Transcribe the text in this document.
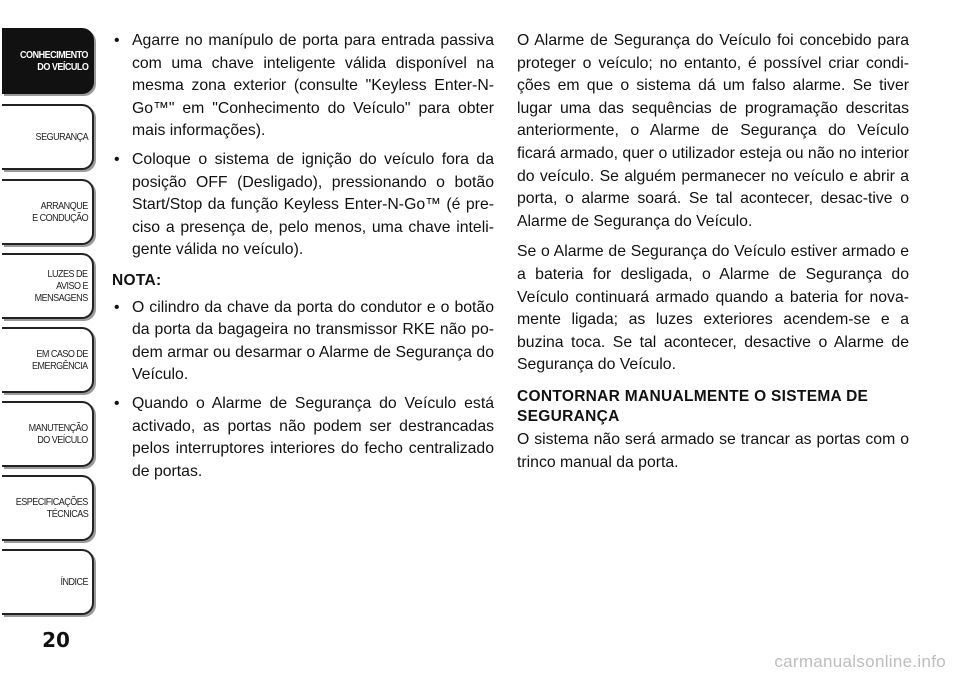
CONHECIMENTO
DO VEÍCULO
SEGURANÇA
ARRANQUE
E CONDUÇÃO
LUZES DE
AVISO E
MENSAGENS
EM CASO DE
EMERGÊNCIA
MANUTENÇÃO
DO VEÍCULO
ESPECIFICAÇÕES
TÉCNICAS
ÍNDICE
20
• Agarre no manípulo de porta para entrada passiva com uma chave inteligente válida disponível na mesma zona exterior (consulte "Keyless Enter-N-Go™" em "Conhecimento do Veículo" para obter mais informações).
• Coloque o sistema de ignição do veículo fora da posição OFF (Desligado), pressionando o botão Start/Stop da função Keyless Enter-N-Go™ (é pre-ciso a presença de, pelo menos, uma chave inteli-gente válida no veículo).
NOTA:
• O cilindro da chave da porta do condutor e o botão da porta da bagageira no transmissor RKE não po-dem armar ou desarmar o Alarme de Segurança do Veículo.
• Quando o Alarme de Segurança do Veículo está activado, as portas não podem ser destrancadas pelos interruptores interiores do fecho centralizado de portas.

O Alarme de Segurança do Veículo foi concebido para proteger o veículo; no entanto, é possível criar condi-ções em que o sistema dá um falso alarme. Se tiver lugar uma das sequências de programação descritas anteriormente, o Alarme de Segurança do Veículo ficará armado, quer o utilizador esteja ou não no interior do veículo. Se alguém permanecer no veículo e abrir a porta, o alarme soará. Se tal acontecer, desac-tive o Alarme de Segurança do Veículo.

Se o Alarme de Segurança do Veículo estiver armado e a bateria for desligada, o Alarme de Segurança do Veículo continuará armado quando a bateria for nova-mente ligada; as luzes exteriores acendem-se e a buzina toca. Se tal acontecer, desactive o Alarme de Segurança do Veículo.

CONTORNAR MANUALMENTE O SISTEMA DE SEGURANÇA

O sistema não será armado se trancar as portas com o trinco manual da porta.

carmanualsonline.info
